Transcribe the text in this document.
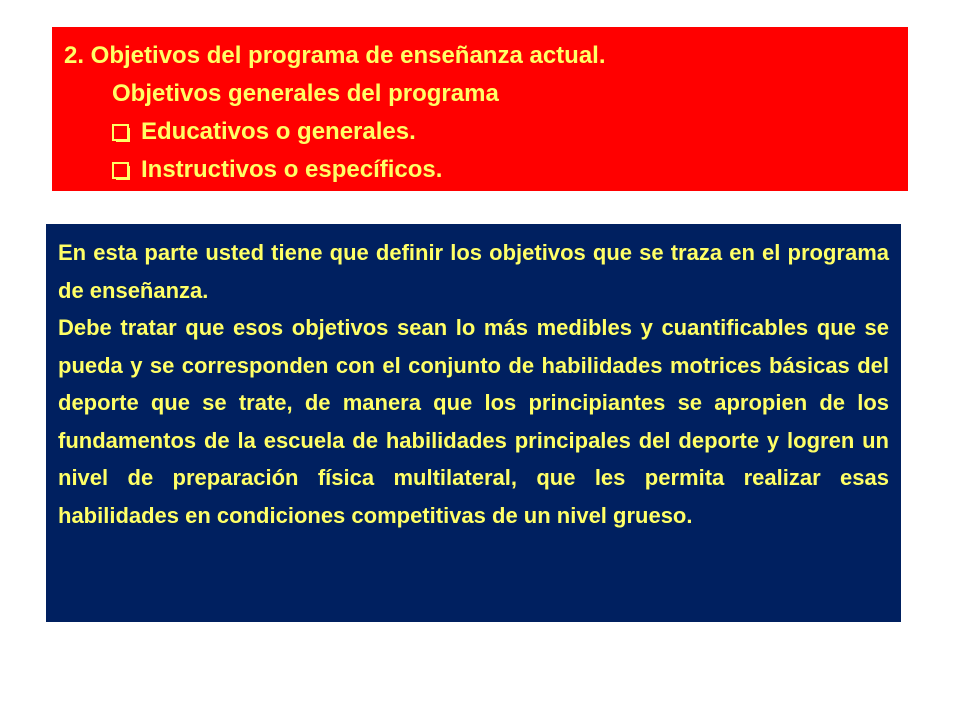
2. Objetivos del programa de enseñanza actual.
Objetivos generales del programa
Educativos o generales.
Instructivos o específicos.

En esta parte usted tiene que definir los objetivos que se traza en el programa de enseñanza.

Debe tratar que esos objetivos sean lo más medibles y cuantificables que se pueda y se corresponden con el conjunto de habilidades motrices básicas del deporte que se trate, de manera que los principiantes se apropien de los fundamentos de la escuela de habilidades principales del deporte y logren un nivel de preparación física multilateral, que les permita realizar esas habilidades en condiciones competitivas de un nivel grueso.
